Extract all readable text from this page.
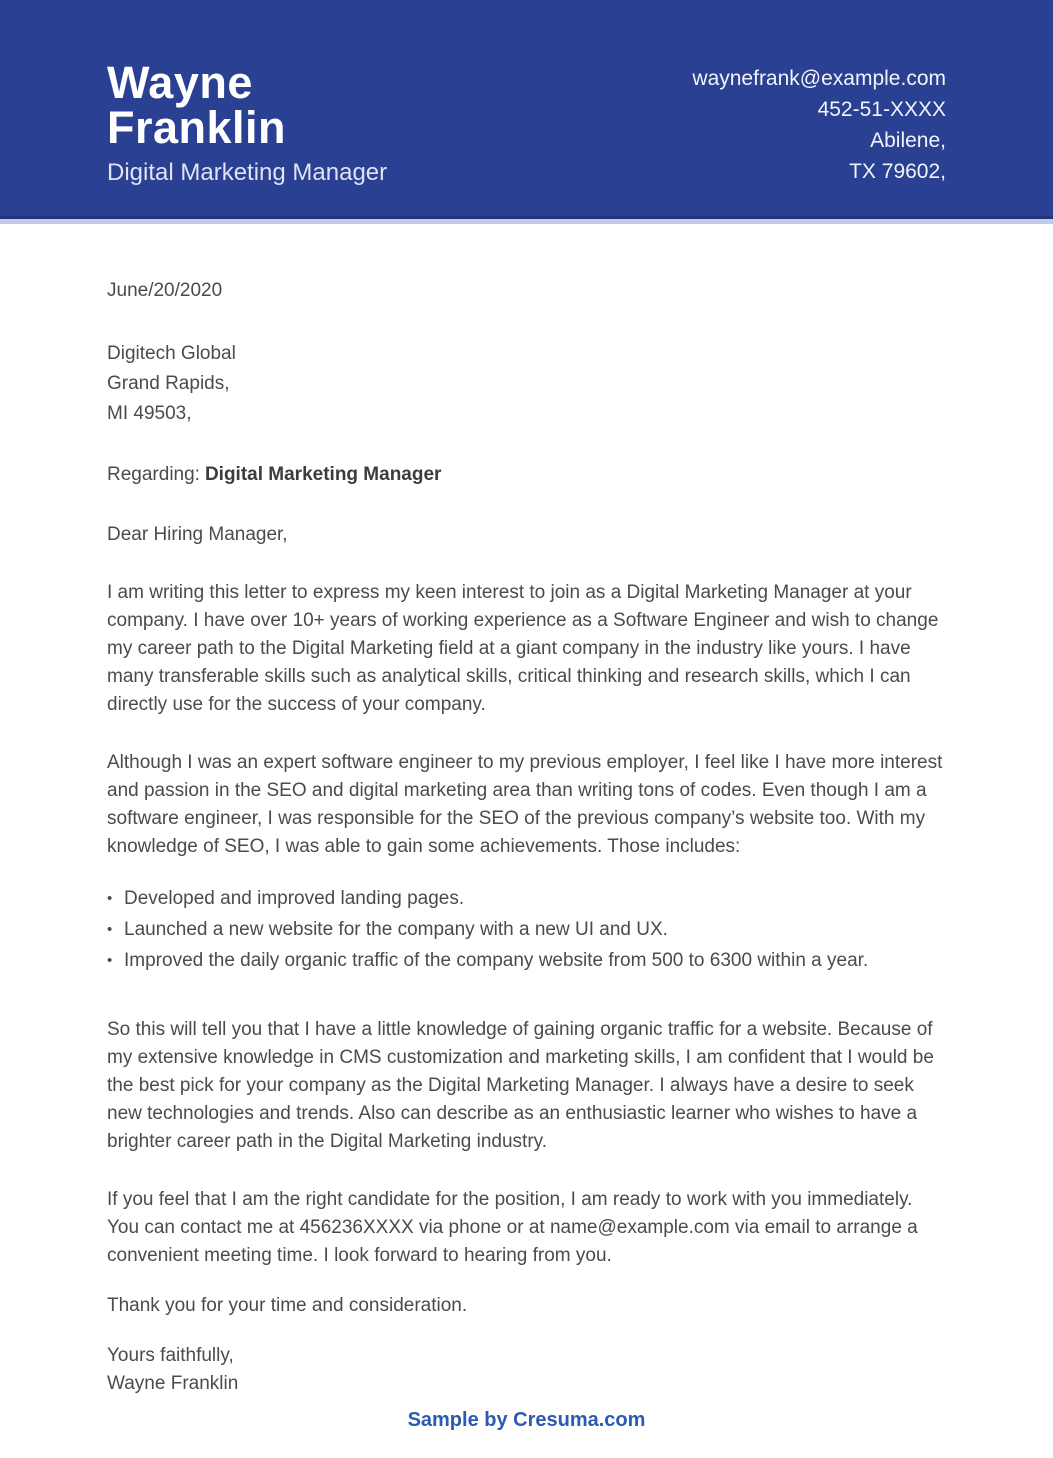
Wayne
Franklin
Digital Marketing Manager
waynefrank@example.com
452-51-XXXX
Abilene,
TX 79602,

June/20/2020

Digitech Global
Grand Rapids,
MI 49503,

Regarding: Digital Marketing Manager

Dear Hiring Manager,

I am writing this letter to express my keen interest to join as a Digital Marketing Manager at your company. I have over 10+ years of working experience as a Software Engineer and wish to change my career path to the Digital Marketing field at a giant company in the industry like yours. I have many transferable skills such as analytical skills, critical thinking and research skills, which I can directly use for the success of your company.

Although I was an expert software engineer to my previous employer, I feel like I have more interest and passion in the SEO and digital marketing area than writing tons of codes. Even though I am a software engineer, I was responsible for the SEO of the previous company’s website too. With my knowledge of SEO, I was able to gain some achievements. Those includes:

• Developed and improved landing pages.
• Launched a new website for the company with a new UI and UX.
• Improved the daily organic traffic of the company website from 500 to 6300 within a year.

So this will tell you that I have a little knowledge of gaining organic traffic for a website. Because of my extensive knowledge in CMS customization and marketing skills, I am confident that I would be the best pick for your company as the Digital Marketing Manager. I always have a desire to seek new technologies and trends. Also can describe as an enthusiastic learner who wishes to have a brighter career path in the Digital Marketing industry.

If you feel that I am the right candidate for the position, I am ready to work with you immediately. You can contact me at 456236XXXX via phone or at name@example.com via email to arrange a convenient meeting time. I look forward to hearing from you.

Thank you for your time and consideration.

Yours faithfully,
Wayne Franklin
Sample by Cresuma.com
